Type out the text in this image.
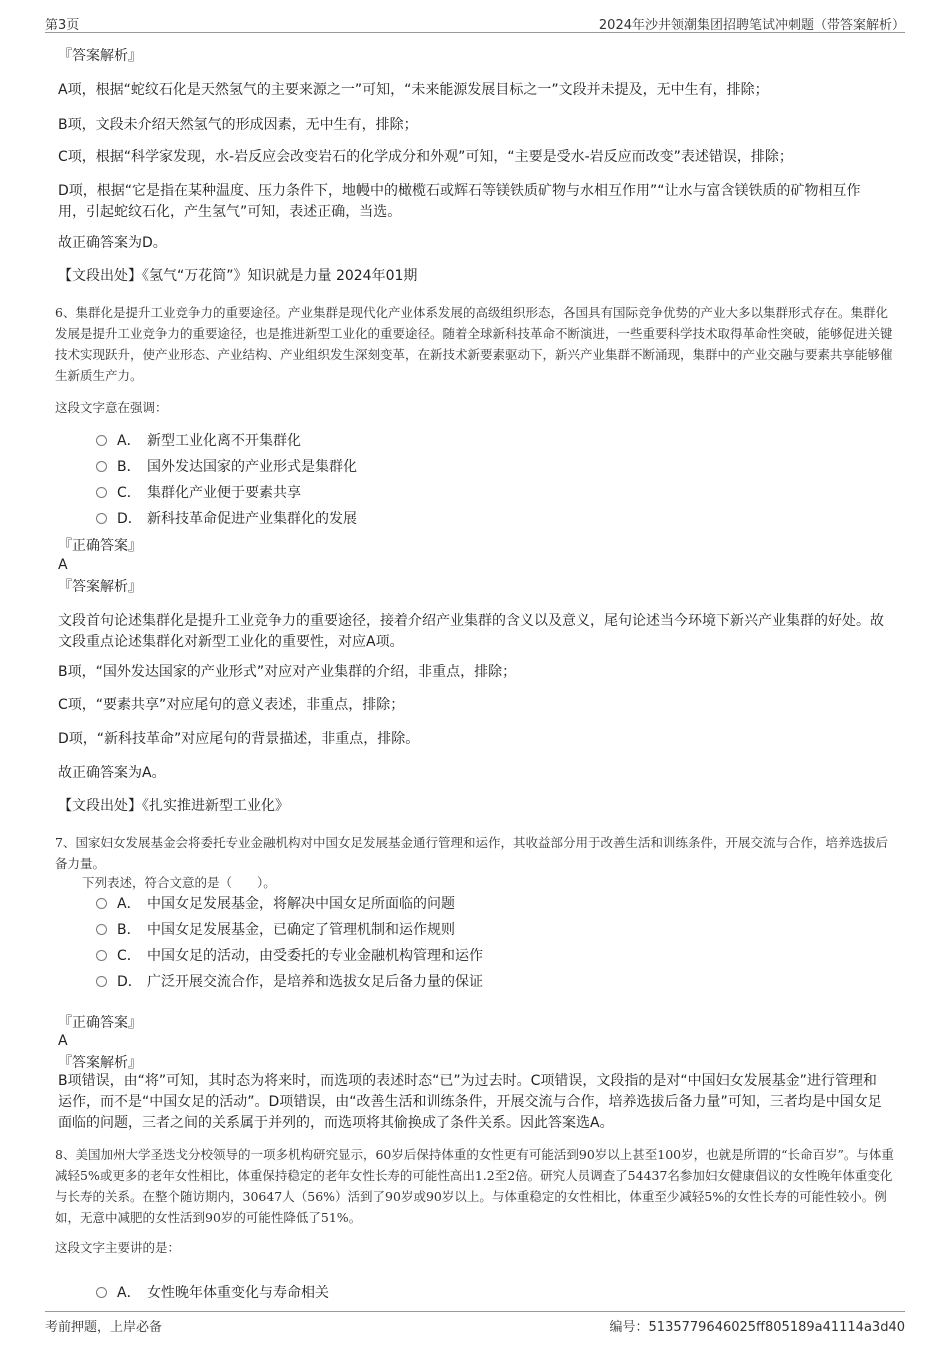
第3页	2024年沙井领潮集团招聘笔试冲刺题（带答案解析）

『答案解析』

A项，根据“蛇纹石化是天然氢气的主要来源之一”可知，“未来能源发展目标之一”文段并未提及，无中生有，排除；

B项，文段未介绍天然氢气的形成因素，无中生有，排除；

C项，根据“科学家发现，水-岩反应会改变岩石的化学成分和外观”可知，“主要是受水-岩反应而改变”表述错误，排除；

D项，根据“它是指在某种温度、压力条件下，地幔中的橄榄石或辉石等镁铁质矿物与水相互作用”“让水与富含镁铁质的矿物相互作用，引起蛇纹石化，产生氢气”可知，表述正确，当选。

故正确答案为D。

【文段出处】《氢气“万花筒”》知识就是力量 2024年01期

6、集群化是提升工业竞争力的重要途径。产业集群是现代化产业体系发展的高级组织形态，各国具有国际竞争优势的产业大多以集群形式存在。集群化发展是提升工业竞争力的重要途径，也是推进新型工业化的重要途径。随着全球新科技革命不断演进，一些重要科学技术取得革命性突破，能够促进关键技术实现跃升，使产业形态、产业结构、产业组织发生深刻变革，在新技术新要素驱动下，新兴产业集群不断涌现，集群中的产业交融与要素共享能够催生新质生产力。

这段文字意在强调：

A． 新型工业化离不开集群化
B． 国外发达国家的产业形式是集群化
C． 集群化产业便于要素共享
D． 新科技革命促进产业集群化的发展

『正确答案』

A

『答案解析』

文段首句论述集群化是提升工业竞争力的重要途径，接着介绍产业集群的含义以及意义，尾句论述当今环境下新兴产业集群的好处。故文段重点论述集群化对新型工业化的重要性，对应A项。

B项，“国外发达国家的产业形式”对应对产业集群的介绍，非重点，排除；

C项，“要素共享”对应尾句的意义表述，非重点，排除；

D项，“新科技革命”对应尾句的背景描述，非重点，排除。

故正确答案为A。

【文段出处】《扎实推进新型工业化》

7、国家妇女发展基金会将委托专业金融机构对中国女足发展基金通行管理和运作，其收益部分用于改善生活和训练条件，开展交流与合作，培养选拔后备力量。

下列表述，符合文意的是（　　）。

A． 中国女足发展基金，将解决中国女足所面临的问题
B． 中国女足发展基金，已确定了管理机制和运作规则
C． 中国女足的活动，由受委托的专业金融机构管理和运作
D． 广泛开展交流合作，是培养和选拔女足后备力量的保证

『正确答案』

A

『答案解析』

B项错误，由“将”可知，其时态为将来时，而选项的表述时态“已”为过去时。C项错误，文段指的是对“中国妇女发展基金”进行管理和运作，而不是“中国女足的活动”。D项错误，由“改善生活和训练条件，开展交流与合作，培养选拔后备力量”可知，三者均是中国女足面临的问题，三者之间的关系属于并列的，而选项将其偷换成了条件关系。因此答案选A。

8、美国加州大学圣迭戈分校领导的一项多机构研究显示，60岁后保持体重的女性更有可能活到90岁以上甚至100岁，也就是所谓的“长命百岁”。与体重减轻5%或更多的老年女性相比，体重保持稳定的老年女性长寿的可能性高出1.2至2倍。研究人员调查了54437名参加妇女健康倡议的女性晚年体重变化与长寿的关系。在整个随访期内，30647人（56%）活到了90岁或90岁以上。与体重稳定的女性相比，体重至少减轻5%的女性长寿的可能性较小。例如，无意中减肥的女性活到90岁的可能性降低了51%。

这段文字主要讲的是：

A． 女性晚年体重变化与寿命相关
考前押题，上岸必备	编号：5135779646025ff805189a41114a3d40
